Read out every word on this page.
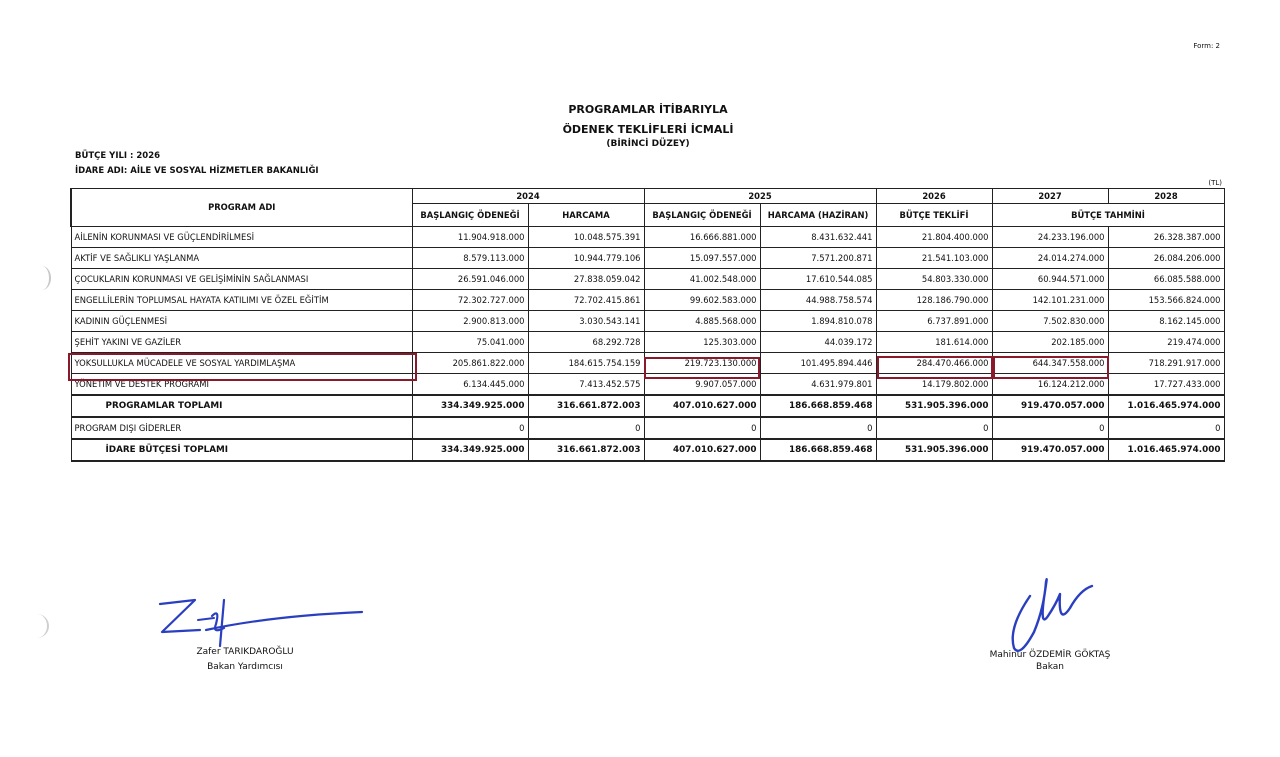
Form: 2
PROGRAMLAR İTİBARIYLA
ÖDENEK TEKLİFLERİ İCMALİ
(BİRİNCİ DÜZEY)
BÜTÇE YILI : 2026
İDARE ADI: AİLE VE SOSYAL HİZMETLER BAKANLIĞI
(TL)
PROGRAM ADI	2024		2025		2026	2027	2028
	BAŞLANGIÇ ÖDENEĞİ	HARCAMA	BAŞLANGIÇ ÖDENEĞİ	HARCAMA (HAZİRAN)	BÜTÇE TEKLİFİ	BÜTÇE TAHMİNİ	
AİLENİN KORUNMASI VE GÜÇLENDİRİLMESİ	11.904.918.000	10.048.575.391	16.666.881.000	8.431.632.441	21.804.400.000	24.233.196.000	26.328.387.000
AKTİF VE SAĞLIKLI YAŞLANMA	8.579.113.000	10.944.779.106	15.097.557.000	7.571.200.871	21.541.103.000	24.014.274.000	26.084.206.000
ÇOCUKLARIN KORUNMASI VE GELİŞİMİNİN SAĞLANMASI	26.591.046.000	27.838.059.042	41.002.548.000	17.610.544.085	54.803.330.000	60.944.571.000	66.085.588.000
ENGELLİLERİN TOPLUMSAL HAYATA KATILIMI VE ÖZEL EĞİTİM	72.302.727.000	72.702.415.861	99.602.583.000	44.988.758.574	128.186.790.000	142.101.231.000	153.566.824.000
KADININ GÜÇLENMESİ	2.900.813.000	3.030.543.141	4.885.568.000	1.894.810.078	6.737.891.000	7.502.830.000	8.162.145.000
ŞEHİT YAKINI VE GAZİLER	75.041.000	68.292.728	125.303.000	44.039.172	181.614.000	202.185.000	219.474.000
YOKSULLUKLA MÜCADELE VE SOSYAL YARDIMLAŞMA	205.861.822.000	184.615.754.159	219.723.130.000	101.495.894.446	284.470.466.000	644.347.558.000	718.291.917.000
YÖNETİM VE DESTEK PROGRAMI	6.134.445.000	7.413.452.575	9.907.057.000	4.631.979.801	14.179.802.000	16.124.212.000	17.727.433.000
PROGRAMLAR TOPLAMI	334.349.925.000	316.661.872.003	407.010.627.000	186.668.859.468	531.905.396.000	919.470.057.000	1.016.465.974.000
PROGRAM DIŞI GİDERLER	0	0	0	0	0	0	0
İDARE BÜTÇESİ TOPLAMI	334.349.925.000	316.661.872.003	407.010.627.000	186.668.859.468	531.905.396.000	919.470.057.000	1.016.465.974.000
Zafer TARIKDAROĞLU
Bakan Yardımcısı
Mahinur ÖZDEMİR GÖKTAŞ
Bakan
